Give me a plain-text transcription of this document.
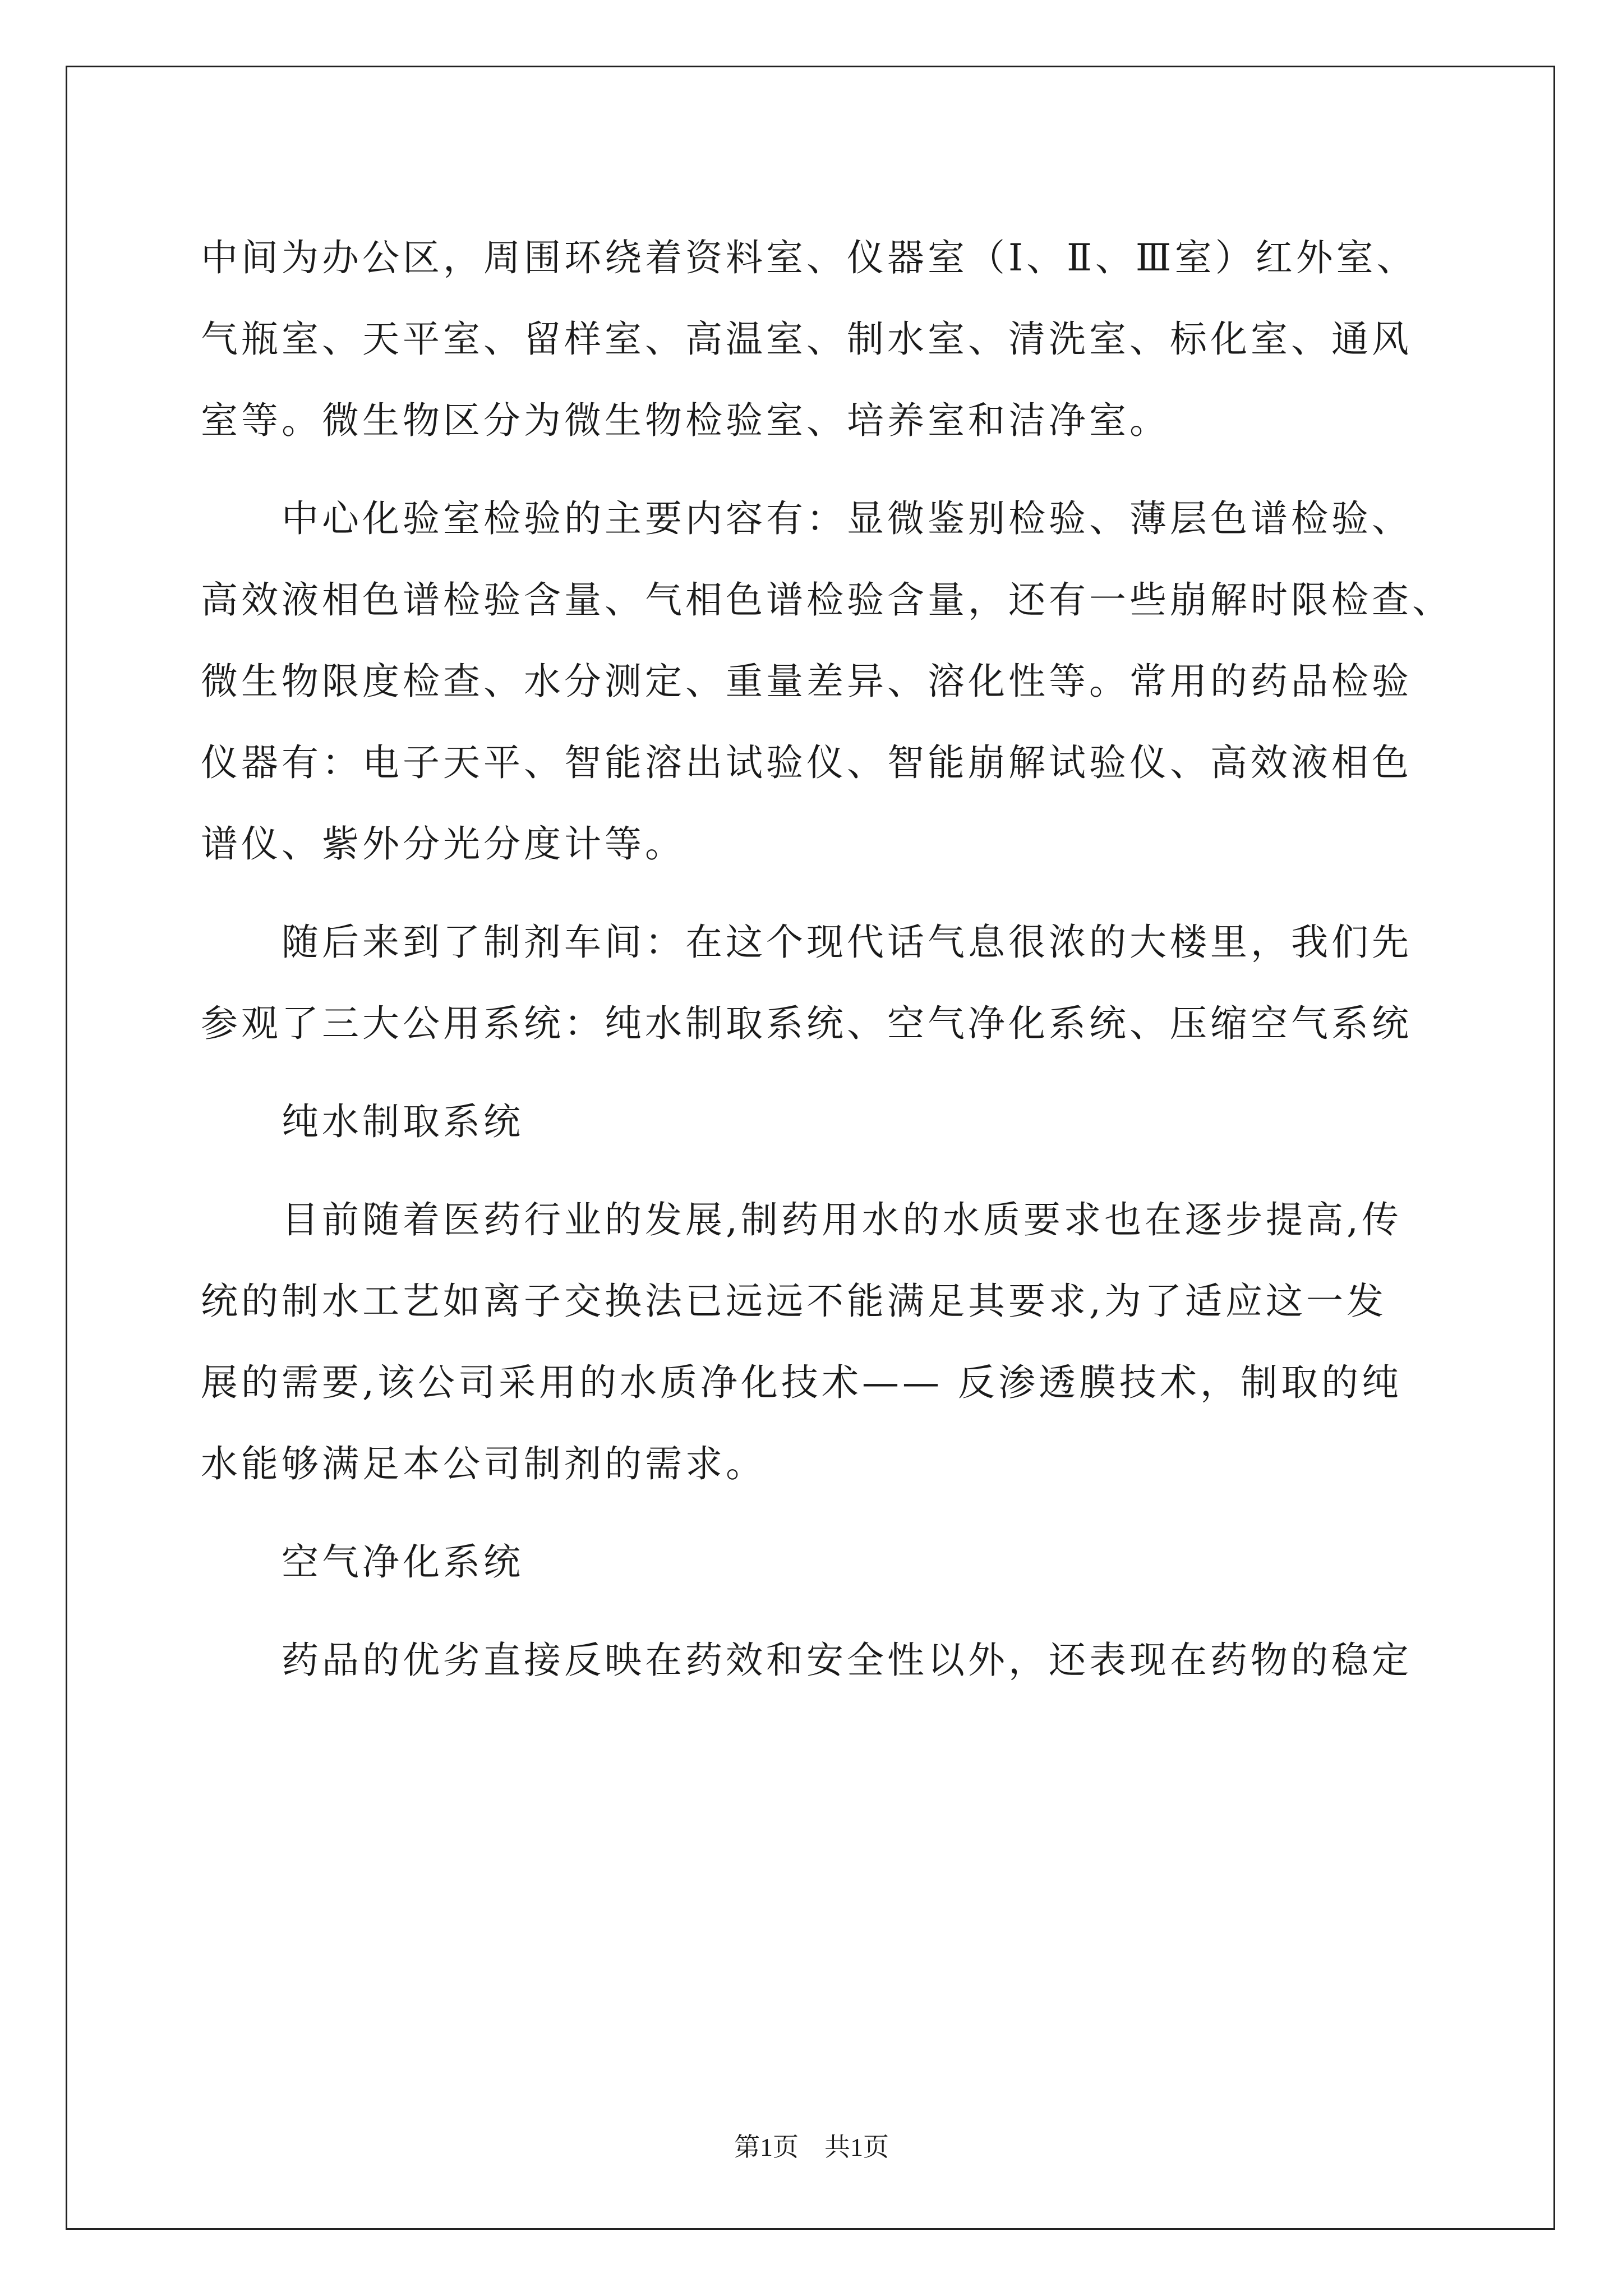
中间为办公区，周围环绕着资料室、仪器室（Ⅰ、Ⅱ、Ⅲ室）红外室、
气瓶室、天平室、留样室、高温室、制水室、清洗室、标化室、通风
室等。微生物区分为微生物检验室、培养室和洁净室。
　　中心化验室检验的主要内容有：显微鉴别检验、薄层色谱检验、
高效液相色谱检验含量、气相色谱检验含量，还有一些崩解时限检查、
微生物限度检查、水分测定、重量差异、溶化性等。常用的药品检验
仪器有：电子天平、智能溶出试验仪、智能崩解试验仪、高效液相色
谱仪、紫外分光分度计等。
　　随后来到了制剂车间：在这个现代话气息很浓的大楼里，我们先
参观了三大公用系统：纯水制取系统、空气净化系统、压缩空气系统
　　纯水制取系统
　　目前随着医药行业的发展,制药用水的水质要求也在逐步提高,传
统的制水工艺如离子交换法已远远不能满足其要求,为了适应这一发
展的需要,该公司采用的水质净化技术—— 反渗透膜技术，制取的纯
水能够满足本公司制剂的需求。
　　空气净化系统
　　药品的优劣直接反映在药效和安全性以外，还表现在药物的稳定
第1页　共1页
